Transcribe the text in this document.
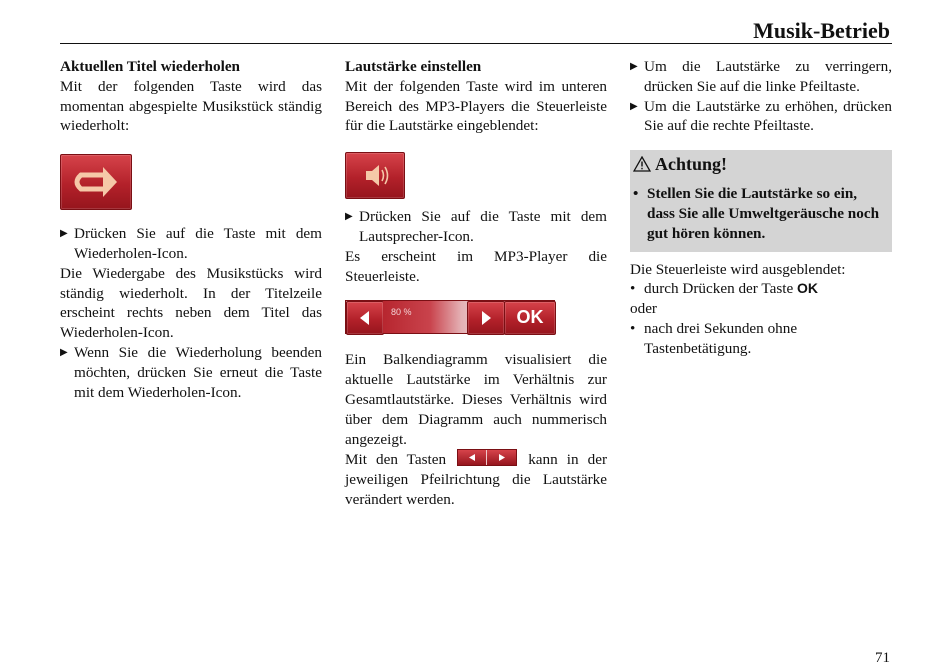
Musik-Betrieb
Aktuellen Titel wiederholen

Mit der folgenden Taste wird das momentan abgespielte Musikstück ständig wiederholt:

▶ Drücken Sie auf die Taste mit dem Wiederholen-Icon.

Die Wiedergabe des Musikstücks wird ständig wiederholt. In der Titelzeile erscheint rechts neben dem Titel das Wiederholen-Icon.

▶ Wenn Sie die Wiederholung beenden möchten, drücken Sie erneut die Taste mit dem Wiederholen-Icon.
Lautstärke einstellen

Mit der folgenden Taste wird im unteren Bereich des MP3-Players die Steuerleiste für die Lautstärke eingeblendet:

▶ Drücken Sie auf die Taste mit dem Lautsprecher-Icon.

Es erscheint im MP3-Player die Steuerleiste.

80 %	OK

Ein Balkendiagramm visualisiert die aktuelle Lautstärke im Verhältnis zur Gesamtlautstärke. Dieses Verhältnis wird über dem Diagramm auch nummerisch angezeigt.

Mit den Tasten	kann in der jeweiligen Pfeilrichtung die Lautstärke verändert werden.

▶ Um die Lautstärke zu verringern, drücken Sie auf die linke Pfeiltaste.
▶ Um die Lautstärke zu erhöhen, drücken Sie auf die rechte Pfeiltaste.
Achtung!
• Stellen Sie die Lautstärke so ein, dass Sie alle Umweltgeräusche noch gut hören können.

Die Steuerleiste wird ausgeblendet:

• durch Drücken der Taste OK

oder

• nach drei Sekunden ohne Tastenbetätigung.
71
